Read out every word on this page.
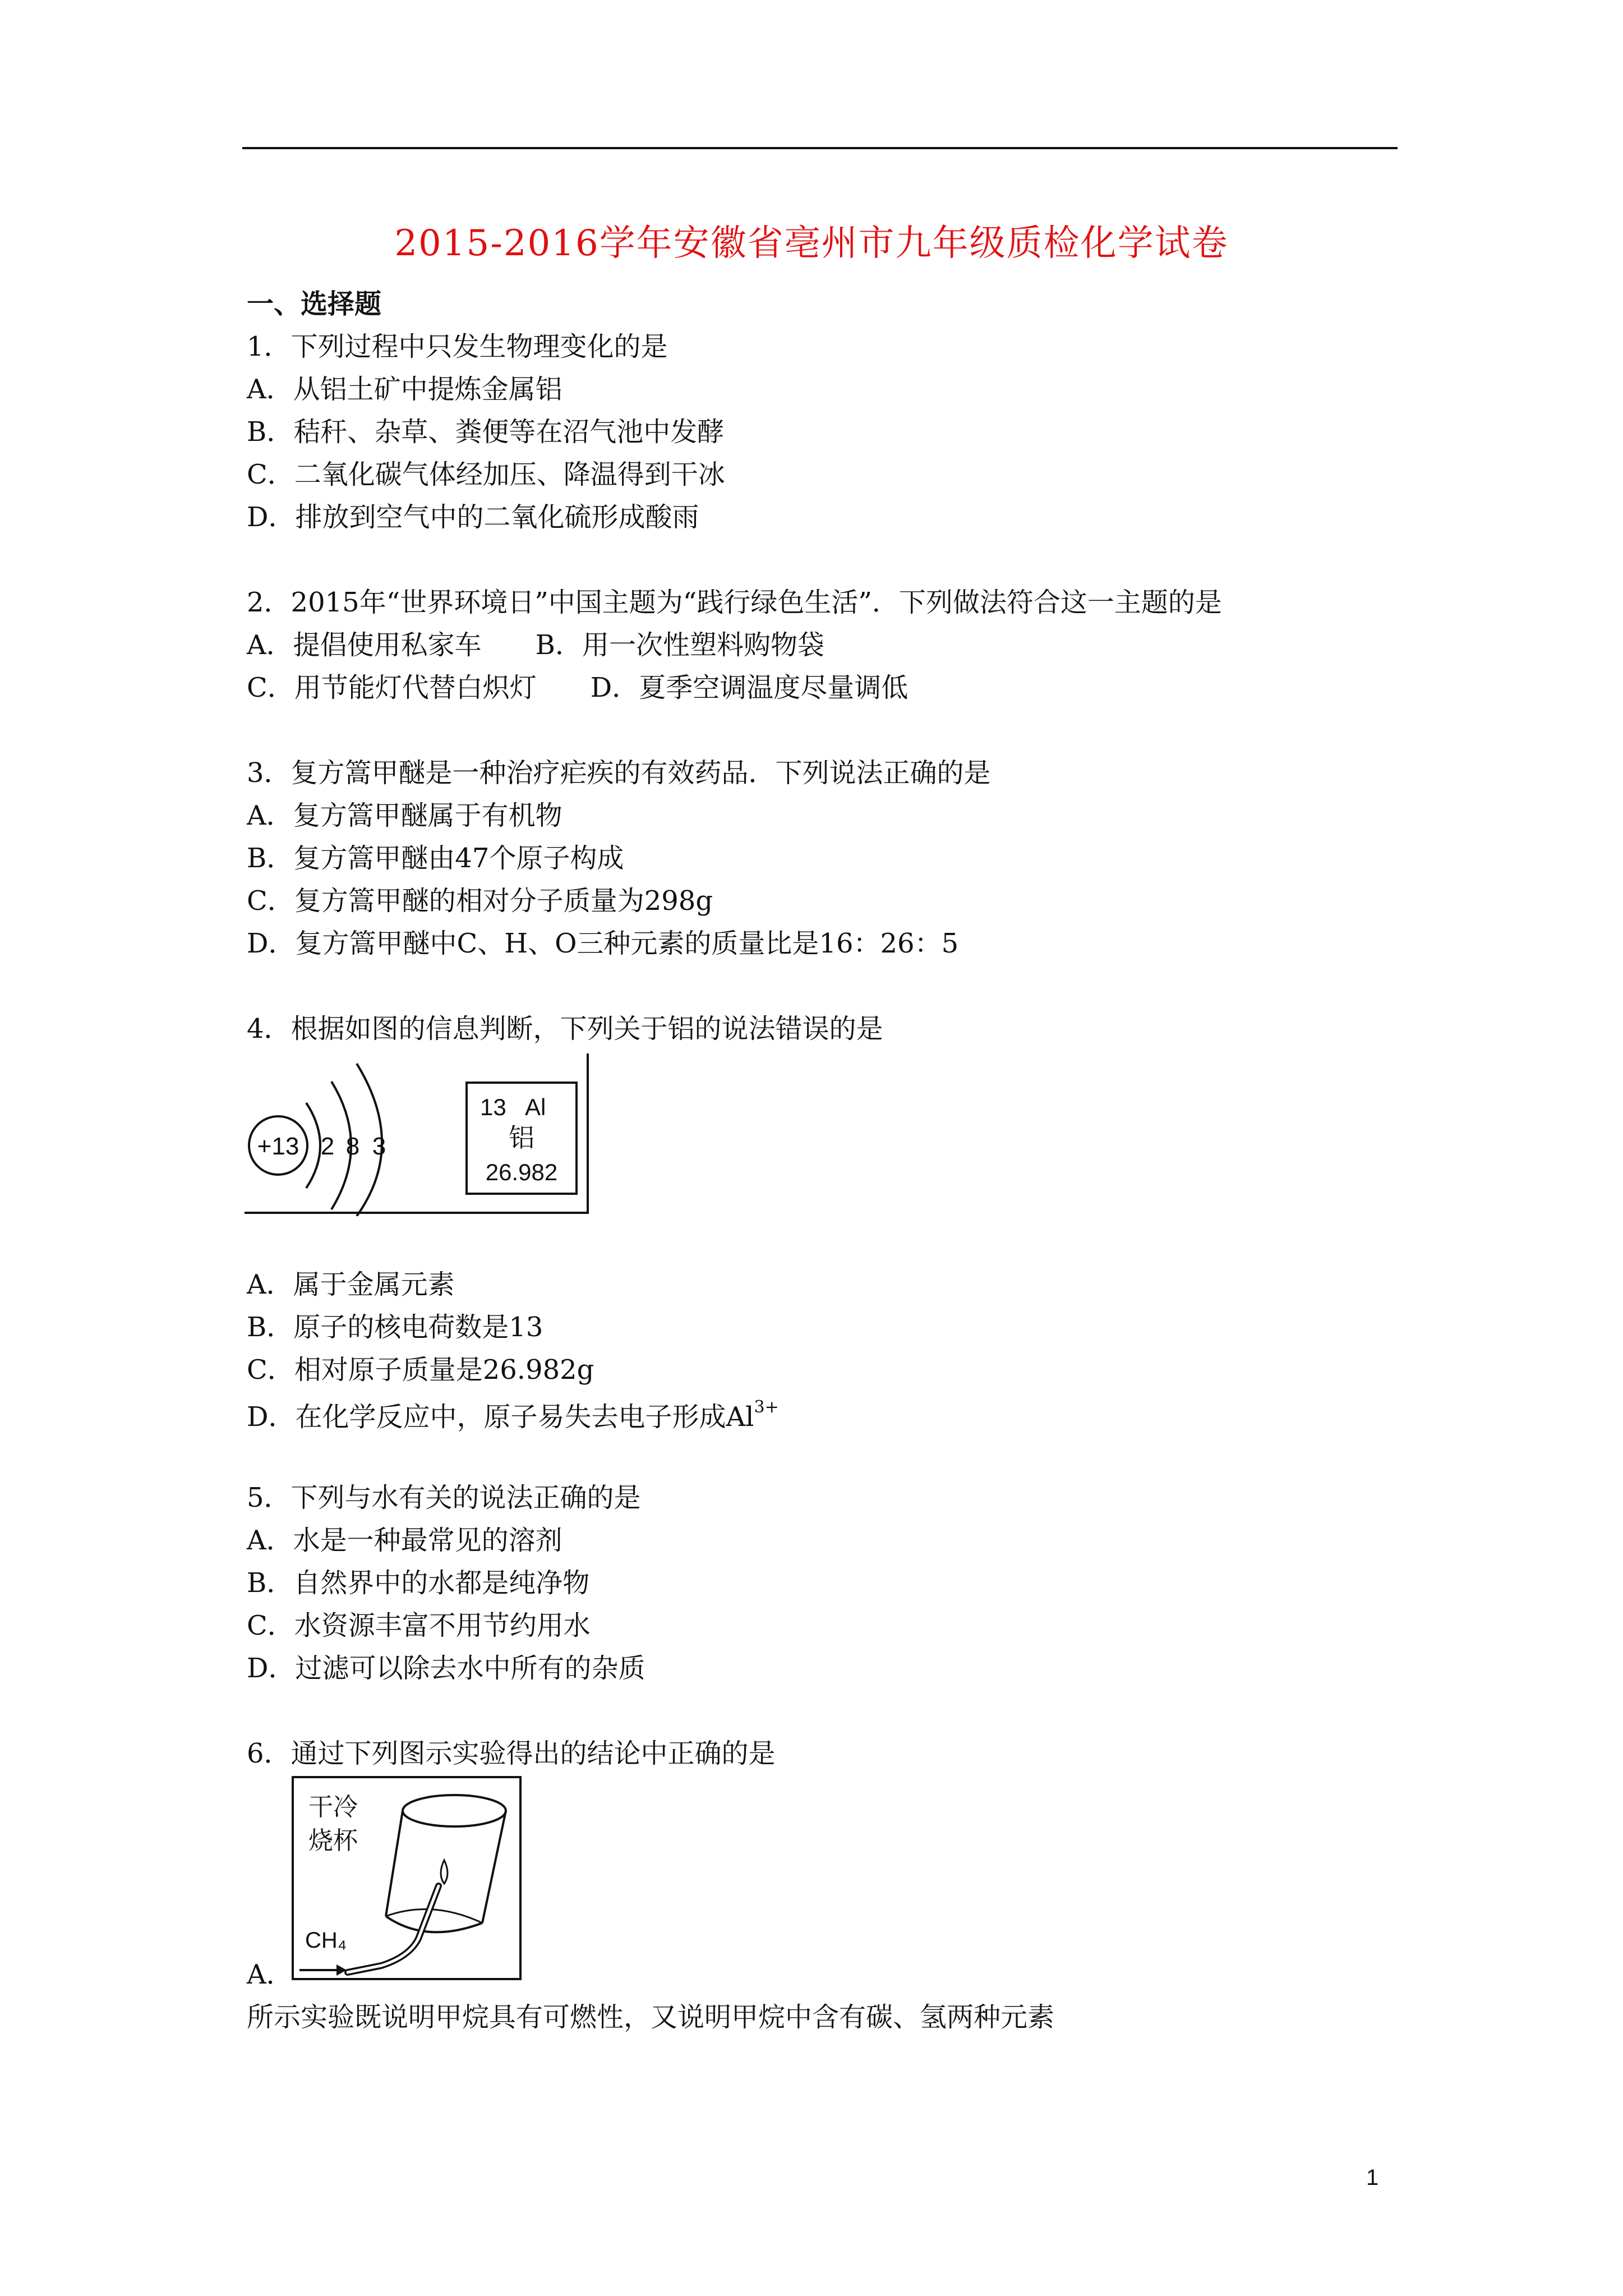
2015-2016学年安徽省亳州市九年级质检化学试卷
一、选择题
1．下列过程中只发生物理变化的是
A．从铝土矿中提炼金属铝
B．秸秆、杂草、粪便等在沼气池中发酵
C．二氧化碳气体经加压、降温得到干冰
D．排放到空气中的二氧化硫形成酸雨
2．2015年“世界环境日”中国主题为“践行绿色生活”．下列做法符合这一主题的是
A．提倡使用私家车　　B．用一次性塑料购物袋
C．用节能灯代替白炽灯　　D．夏季空调温度尽量调低
3．复方篙甲醚是一种治疗疟疾的有效药品．下列说法正确的是
A．复方篙甲醚属于有机物
B．复方篙甲醚由47个原子构成
C．复方篙甲醚的相对分子质量为298g
D．复方篙甲醚中C、H、O三种元素的质量比是16：26：5
4．根据如图的信息判断，下列关于铝的说法错误的是
+13 2 8 3
13 Al
铝
26.982
A．属于金属元素
B．原子的核电荷数是13
C．相对原子质量是26.982g
D．在化学反应中，原子易失去电子形成$Al^{3+}$
5．下列与水有关的说法正确的是
A．水是一种最常见的溶剂
B．自然界中的水都是纯净物
C．水资源丰富不用节约用水
D．过滤可以除去水中所有的杂质
6．通过下列图示实验得出的结论中正确的是
干冷
烧杯
CH₄
A．
所示实验既说明甲烷具有可燃性，又说明甲烷中含有碳、氢两种元素
1
